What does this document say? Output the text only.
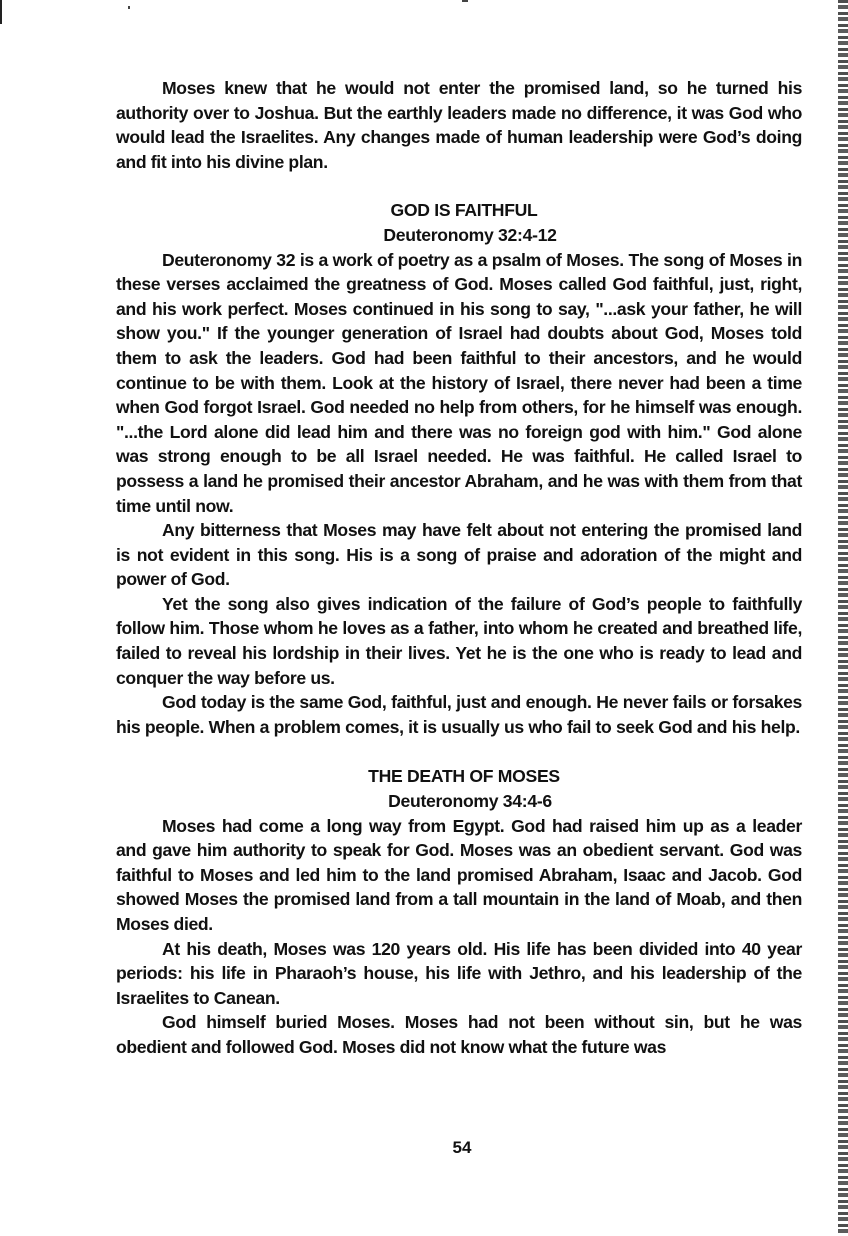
Moses knew that he would not enter the promised land, so he turned his authority over to Joshua. But the earthly leaders made no difference, it was God who would lead the Israelites. Any changes made of human leadership were God’s doing and fit into his divine plan.

GOD IS FAITHFUL
Deuteronomy 32:4-12

Deuteronomy 32 is a work of poetry as a psalm of Moses. The song of Moses in these verses acclaimed the greatness of God. Moses called God faithful, just, right, and his work perfect. Moses continued in his song to say, "...ask your father, he will show you." If the younger generation of Israel had doubts about God, Moses told them to ask the leaders. God had been faithful to their ancestors, and he would continue to be with them. Look at the history of Israel, there never had been a time when God forgot Israel. God needed no help from others, for he himself was enough. "...the Lord alone did lead him and there was no foreign god with him." God alone was strong enough to be all Israel needed. He was faithful. He called Israel to possess a land he promised their ancestor Abraham, and he was with them from that time until now.

Any bitterness that Moses may have felt about not entering the promised land is not evident in this song. His is a song of praise and adoration of the might and power of God.

Yet the song also gives indication of the failure of God’s people to faithfully follow him. Those whom he loves as a father, into whom he created and breathed life, failed to reveal his lordship in their lives. Yet he is the one who is ready to lead and conquer the way before us.

God today is the same God, faithful, just and enough. He never fails or forsakes his people. When a problem comes, it is usually us who fail to seek God and his help.

THE DEATH OF MOSES
Deuteronomy 34:4-6

Moses had come a long way from Egypt. God had raised him up as a leader and gave him authority to speak for God. Moses was an obedient servant. God was faithful to Moses and led him to the land promised Abraham, Isaac and Jacob. God showed Moses the promised land from a tall mountain in the land of Moab, and then Moses died.

At his death, Moses was 120 years old. His life has been divided into 40 year periods: his life in Pharaoh’s house, his life with Jethro, and his leadership of the Israelites to Canean.

God himself buried Moses. Moses had not been without sin, but he was obedient and followed God. Moses did not know what the future was

54
